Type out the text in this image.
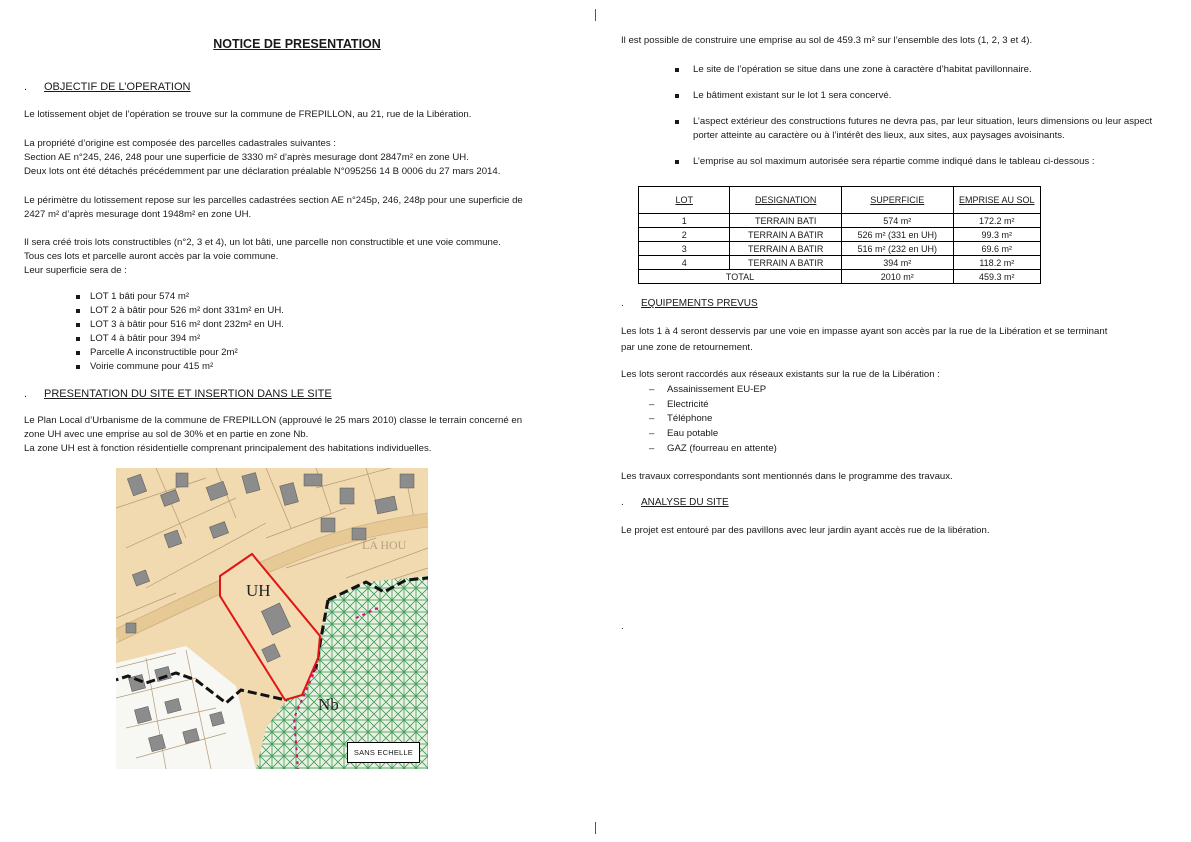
NOTICE DE PRESENTATION
. OBJECTIF DE L’OPERATION
Le lotissement objet de l’opération se trouve sur la commune de FREPILLON, au 21, rue de la Libération.
La propriété d’origine est composée des parcelles cadastrales suivantes :
Section AE n°245, 246, 248 pour une superficie de 3330 m² d’après mesurage dont 2847m² en zone UH.
Deux lots ont été détachés précédemment par une déclaration préalable N°095256 14 B 0006 du 27 mars 2014.
Le périmètre du lotissement repose sur les parcelles cadastrées section AE n°245p, 246, 248p pour une superficie de
2427 m² d’après mesurage dont 1948m² en zone UH.
Il sera créé trois lots constructibles (n°2, 3 et 4), un lot bâti, une parcelle non constructible et une voie commune.
Tous ces lots et parcelle auront accès par la voie commune.
Leur superficie sera de :
LOT 1 bâti pour 574 m²
LOT 2 à bâtir pour 526 m² dont 331m² en UH.
LOT 3 à bâtir pour 516 m² dont 232m² en UH.
LOT 4 à bâtir pour 394 m²
Parcelle A inconstructible pour 2m²
Voirie commune pour 415 m²
. PRESENTATION DU SITE ET INSERTION DANS LE SITE
Le Plan Local d’Urbanisme de la commune de FREPILLON (approuvé le 25 mars 2010) classe le terrain concerné en
zone UH avec une emprise au sol de 30% et en partie en zone Nb.
La zone UH est à fonction résidentielle comprenant principalement des habitations individuelles.
UH
Nb
LA HOU
SANS ECHELLE
Il est possible de construire une emprise au sol de 459.3 m² sur l’ensemble des lots (1, 2, 3 et 4).
Le site de l’opération se situe dans une zone à caractère d’habitat pavillonnaire.
Le bâtiment existant sur le lot 1 sera concervé.
L’aspect extérieur des constructions futures ne devra pas, par leur situation, leurs dimensions ou leur aspect porter atteinte au caractère ou à l’intérêt des lieux, aux sites, aux paysages avoisinants.
L’emprise au sol maximum autorisée sera répartie comme indiqué dans le tableau ci-dessous :
LOT	DESIGNATION	SUPERFICIE	EMPRISE AU SOL
1	TERRAIN BATI	574 m²	172.2 m²
2	TERRAIN A BATIR	526 m² (331 en UH)	99.3 m²
3	TERRAIN A BATIR	516 m² (232 en UH)	69.6 m²
4	TERRAIN A BATIR	394 m²	118.2 m²
TOTAL		2010 m²	459.3 m²
. EQUIPEMENTS PREVUS
Les lots 1 à 4 seront desservis par une voie en impasse ayant son accès par la rue de la Libération et se terminant
par une zone de retournement.
Les lots seront raccordés aux réseaux existants sur la rue de la Libération :
– Assainissement EU-EP
– Electricité
– Téléphone
– Eau potable
– GAZ (fourreau en attente)
Les travaux correspondants sont mentionnés dans le programme des travaux.
. ANALYSE DU SITE
Le projet est entouré par des pavillons avec leur jardin ayant accès rue de la libération.
.
